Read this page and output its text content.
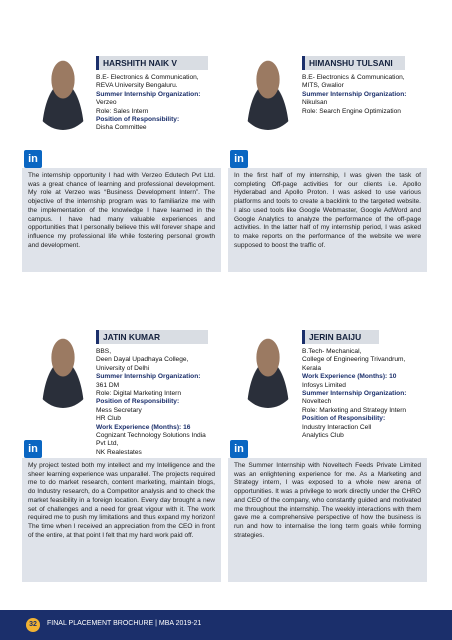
HARSHITH NAIK V
B.E- Electronics & Communication,
REVA University Bengaluru.
Summer Internship Organization:
Verzeo
Role: Sales Intern
Position of Responsibility:
Disha Committee
in
The internship opportunity I had with Verzeo Edutech Pvt Ltd. was a great chance of learning and professional development. My role at Verzeo was “Business Development Intern”. The objective of the internship program was to familiarize me with the implementation of the knowledge I have learned in the campus. I have had many valuable experiences and opportunities that I personally believe this will forever shape and influence my professional life while fostering personal growth and development.
HIMANSHU TULSANI
B.E- Electronics & Communication,
MITS, Gwalior
Summer Internship Organization:
Nikulsan
Role: Search Engine Optimization
in
In the first half of my internship, I was given the task of completing Off-page activities for our clients i.e. Apollo Hyderabad and Apollo Proton. I was asked to use various platforms and tools to create a backlink to the targeted website. I also used tools like Google Webmaster, Google AdWord and Google Analytics to analyze the performance of the off-page activities. In the latter half of my internship period, I was asked to make reports on the performance of the website we were supposed to boost the traffic of.
JATIN KUMAR
BBS,
Deen Dayal Upadhaya College,
University of Delhi
Summer Internship Organization:
361 DM
Role: Digital Marketing Intern
Position of Responsibility:
Mess Secretary
HR Club
Work Experience (Months): 16
Cognizant Technology Solutions India
Pvt Ltd,
NK Realestates
in
My project tested both my intellect and my Intelligence and the sheer learning experience was unparallel. The projects required me to do market research, content marketing, maintain blogs, do Industry research, do a Competitor analysis and to check the market feasibility in a foreign location. Every day brought a new set of challenges and a need for great vigour with it. The work required me to push my limitations and thus expand my horizon! The time when I received an appreciation from the CEO in front of the entire, at that point I felt that my hard work paid off.
JERIN BAIJU
B.Tech- Mechanical,
College of Engineering Trivandrum,
Kerala
Work Experience (Months): 10
Infosys Limited
Summer Internship Organization:
Noveltech
Role: Marketing and Strategy Intern
Position of Responsibility:
Industry Interaction Cell
Analytics Club
in
The Summer Internship with Noveltech Feeds Private Limited was an enlightening experience for me. As a Marketing and Strategy intern, I was exposed to a whole new arena of opportunities. It was a privilege to work directly under the CHRO and CEO of the company, who constantly guided and motivated me throughout the internship. The weekly interactions with them gave me a comprehensive perspective of how the business is run and how to internalise the long term goals while forming strategies.
32	FINAL PLACEMENT BROCHURE | MBA 2019-21
